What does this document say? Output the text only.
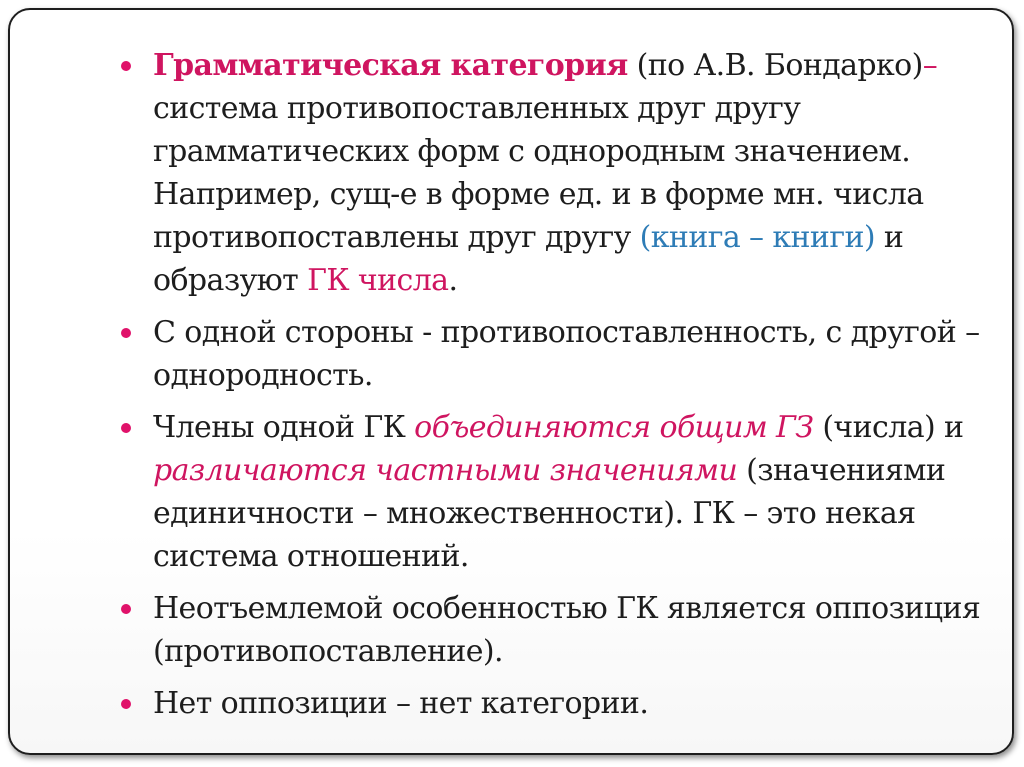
Грамматическая категория (по А.В. Бондарко)–
система противопоставленных друг другу грамматических форм с однородным значением. Например, сущ-е в форме ед. и в форме мн. числа противопоставлены друг другу (книга – книги) и образуют ГК числа.
С одной стороны - противопоставленность, с другой – однородность.
Члены одной ГК объединяются общим ГЗ (числа) и различаются частными значениями (значениями единичности – множественности). ГК – это некая система отношений.
Неотъемлемой особенностью ГК является оппозиция (противопоставление).
Нет оппозиции – нет категории.
